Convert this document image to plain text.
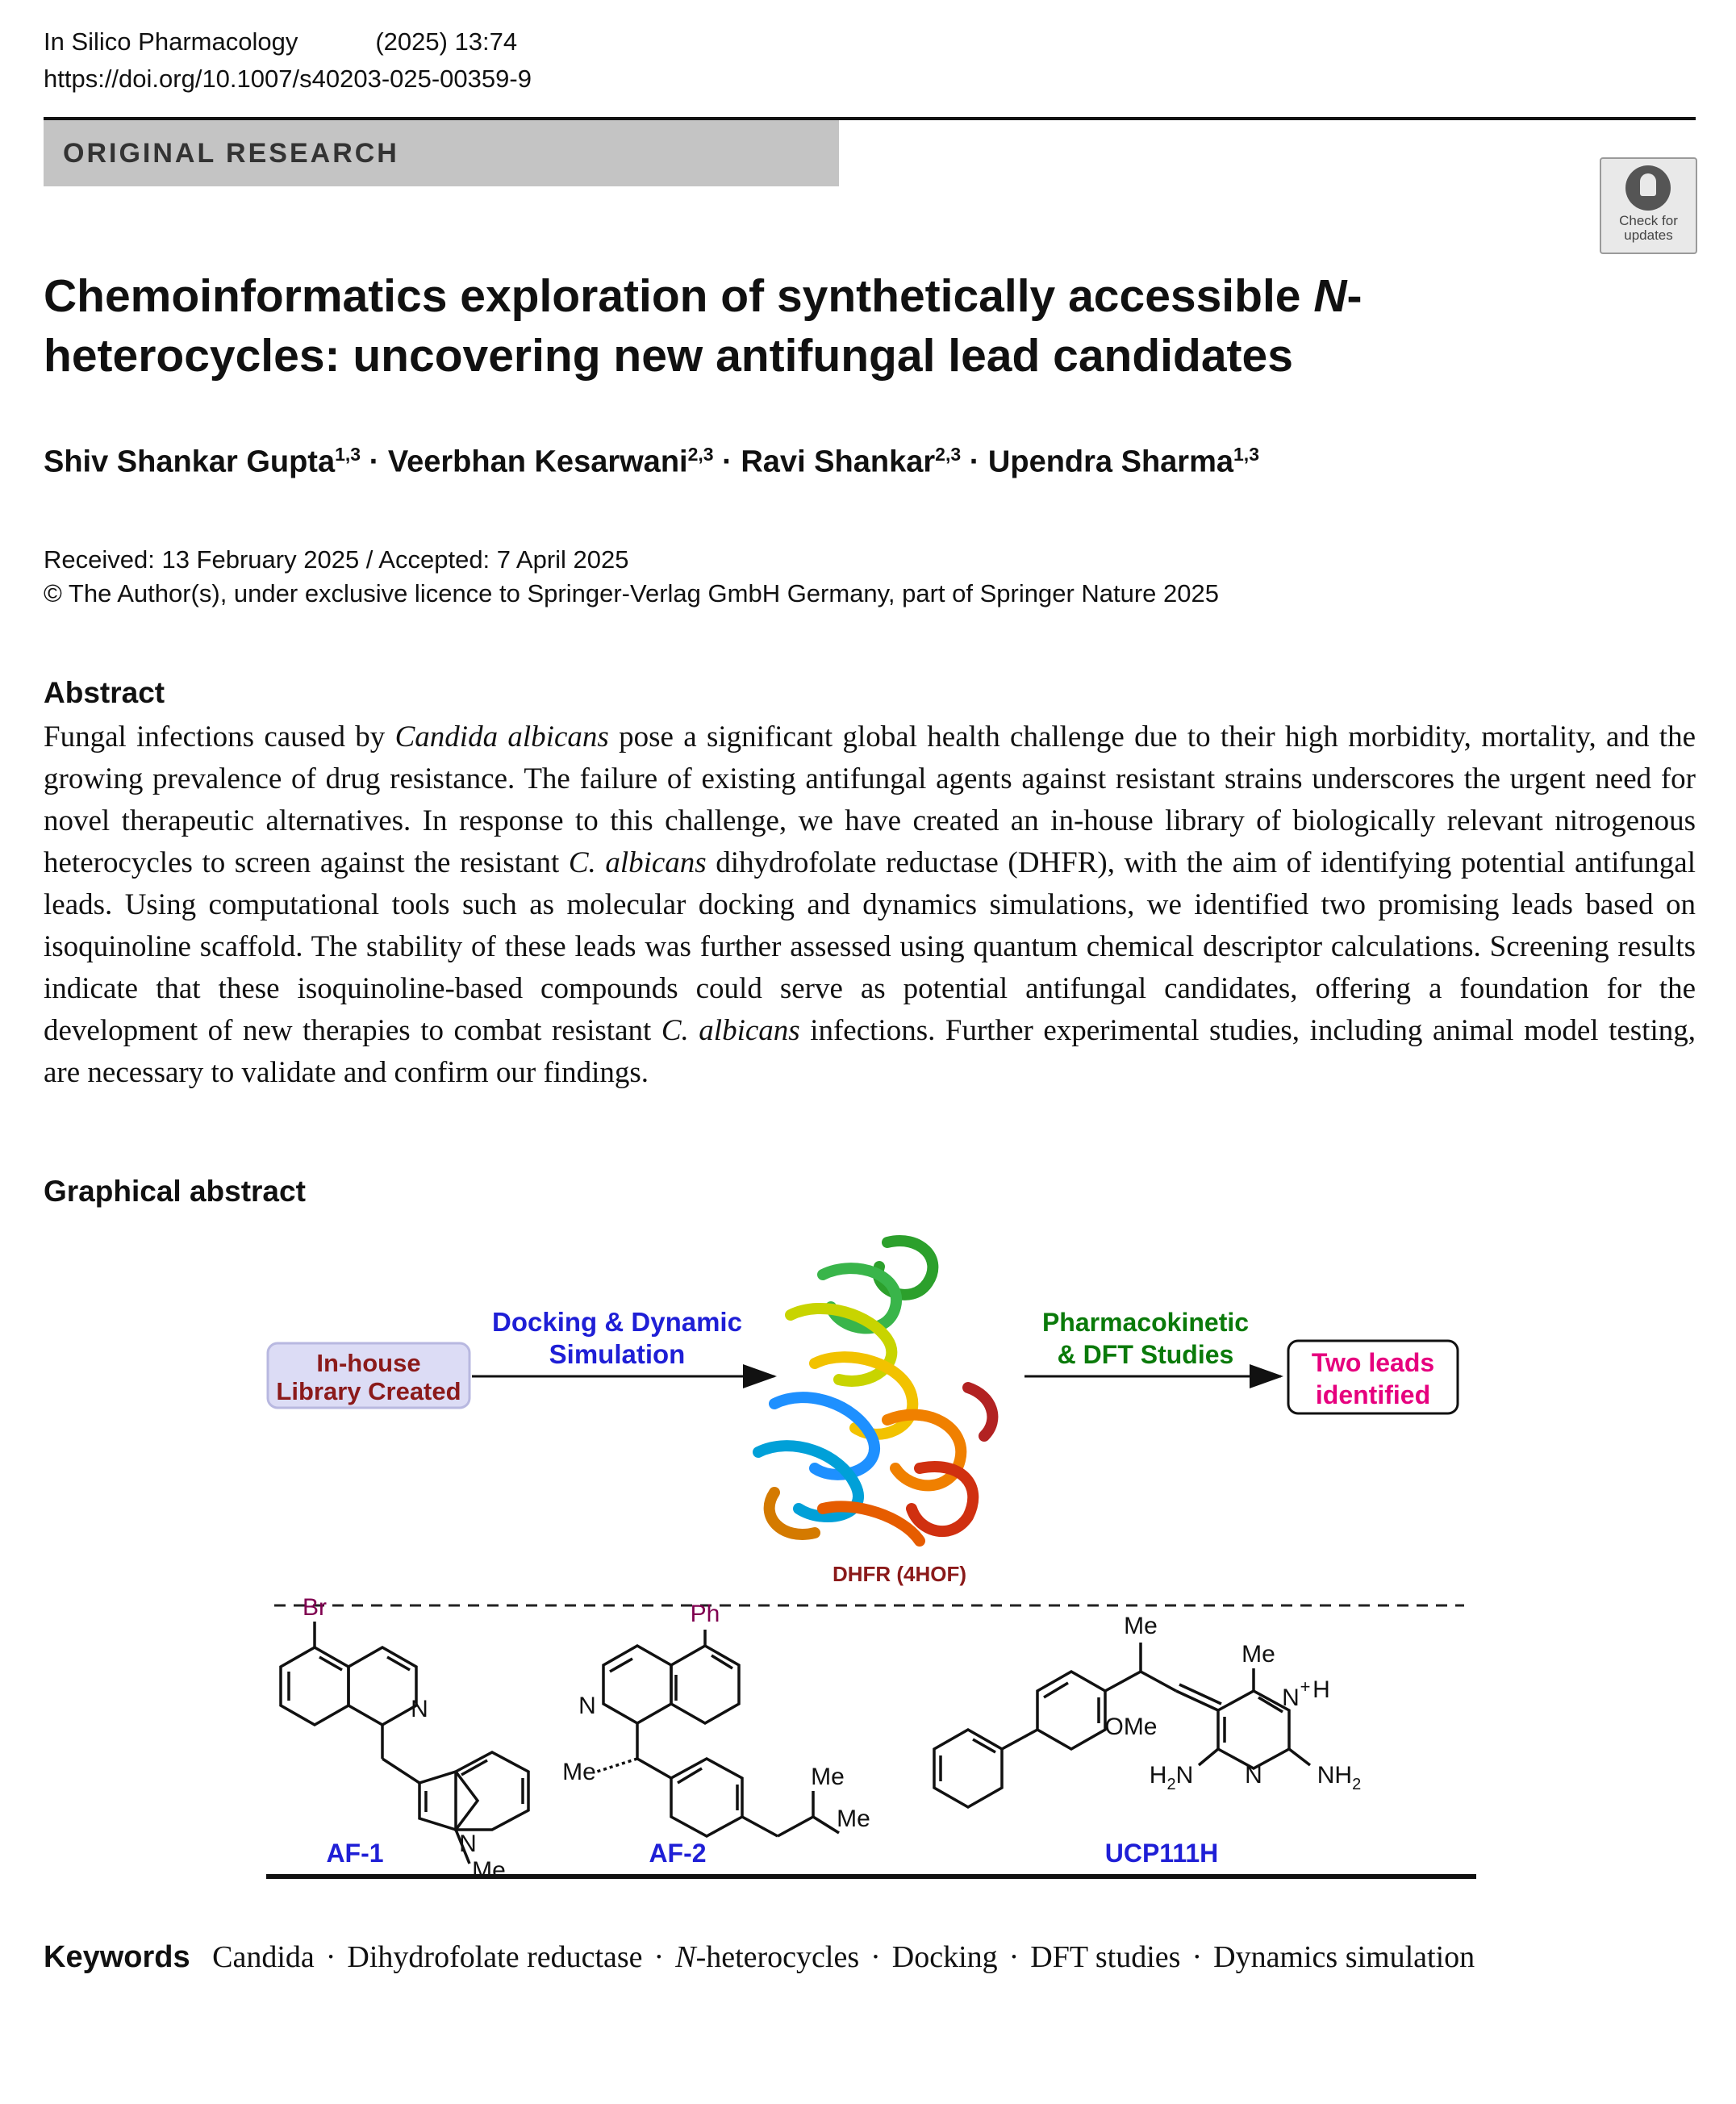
In Silico Pharmacology	(2025) 13:74
https://doi.org/10.1007/s40203-025-00359-9
ORIGINAL RESEARCH
Check for
updates
Chemoinformatics exploration of synthetically accessible N-
heterocycles: uncovering new antifungal lead candidates
Shiv Shankar Gupta$^{1,3}$ · Veerbhan Kesarwani$^{2,3}$ · Ravi Shankar$^{2,3}$ · Upendra Sharma$^{1,3}$
Received: 13 February 2025 / Accepted: 7 April 2025
© The Author(s), under exclusive licence to Springer-Verlag GmbH Germany, part of Springer Nature 2025
Abstract

Fungal infections caused by Candida albicans pose a significant global health challenge due to their high morbidity, mortality, and the growing prevalence of drug resistance. The failure of existing antifungal agents against resistant strains underscores the urgent need for novel therapeutic alternatives. In response to this challenge, we have created an in-house library of biologically relevant nitrogenous heterocycles to screen against the resistant C. albicans dihydrofolate reductase (DHFR), with the aim of identifying potential antifungal leads. Using computational tools such as molecular docking and dynamics simulations, we identified two promising leads based on isoquinoline scaffold. The stability of these leads was further assessed using quantum chemical descriptor calculations. Screening results indicate that these isoquinoline-based compounds could serve as potential antifungal candidates, offering a foundation for the development of new therapies to combat resistant C. albicans infections. Further experimental studies, including animal model testing, are necessary to validate and confirm our findings.

Graphical abstract
In-house
Library Created
Docking & Dynamic
Simulation
DHFR (4HOF)
Pharmacokinetic
& DFT Studies	Two leads
identified
Br
N
N
Me
AF-1
Ph
N
Me	Me
Me
AF-2
Me
OMe
Me
N + H
N
$H_2N$	$NH_2$
UCP111H
Keywords Candida · Dihydrofolate reductase · N-heterocycles · Docking · DFT studies · Dynamics simulation
